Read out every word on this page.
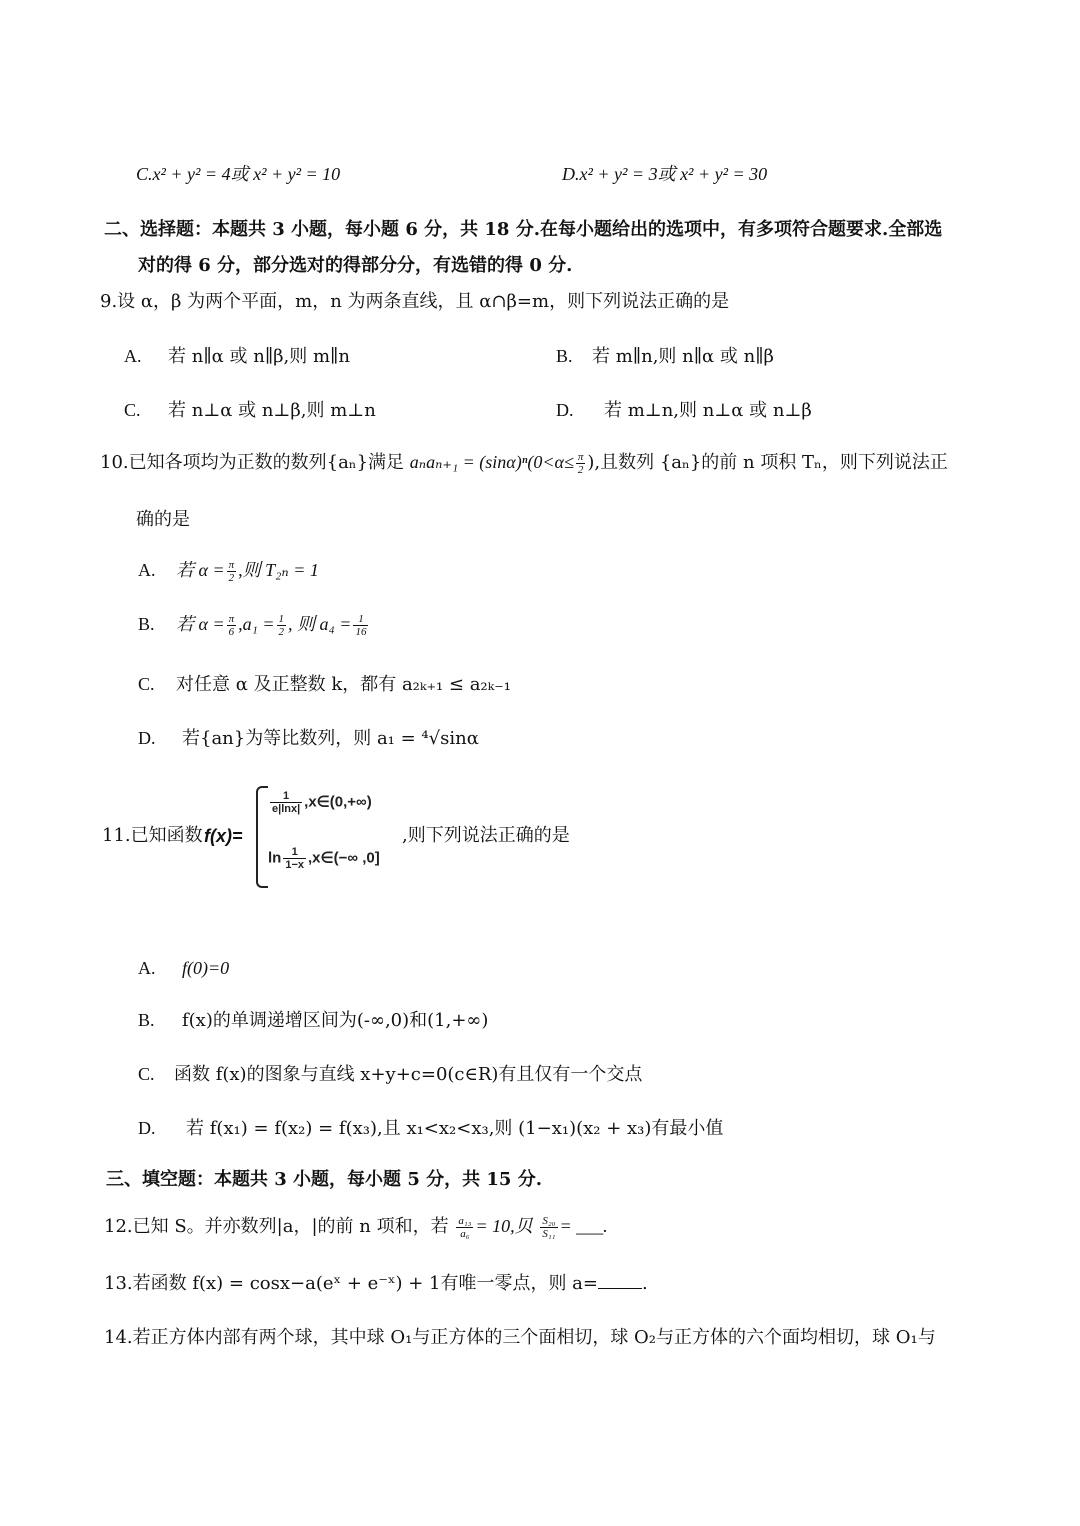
C.x² + y² = 4或 x² + y² = 10	D.x² + y² = 3或 x² + y² = 30
二、选择题：本题共 3 小题，每小题 6 分，共 18 分.在每小题给出的选项中，有多项符合题要求.全部选
对的得 6 分，部分选对的得部分分，有选错的得 0 分.
9.设 α，β 为两个平面，m，n 为两条直线，且 α∩β=m，则下列说法正确的是
A. 若 n∥α 或 n∥β,则 m∥n	B. 若 m∥n,则 n∥α 或 n∥β
C. 若 n⊥α 或 n⊥β,则 m⊥n	D. 若 m⊥n,则 n⊥α 或 n⊥β
10.已知各项均为正数的数列{aₙ}满足 $a_na_{n+1} = (\sin\alpha)^n(0<\alpha\le \frac{\pi}{2}$ ),且数列 {aₙ}的前 n 项积 Tₙ，则下列说法正
确的是
A. 若 $\alpha = \frac{\pi}{2}$ ,则 T₂ₙ = 1
B. 若 $\alpha = \frac{\pi}{6} ,a_1 = \frac{1}{2}$ , 则 $a_4 = \frac{1}{16}$
C. 对任意 α 及正整数 k，都有 a₂ₖ₊₁ ≤ a₂ₖ₋₁
D. 若{an}为等比数列，则 a₁ = ⁴√sinα
11.已知函数 f(x)=
$\frac{1}{e|\ln x|}$ ,x∈(0,+∞)
$\ln \frac{1}{1-x}$ ,x∈(−∞ ,0]
,则下列说法正确的是
A. f(0)=0
B. f(x)的单调递增区间为(-∞,0)和(1,+∞)
C. 函数 f(x)的图象与直线 x+y+c=0(c∈R)有且仅有一个交点
D. 若 f(x₁) = f(x₂) = f(x₃),且 x₁<x₂<x₃,则 (1−x₁)(x₂ + x₃)有最小值
三、填空题：本题共 3 小题，每小题 5 分，共 15 分.
12.已知 S。并亦数列|a，|的前 n 项和，若 $\frac{\text{a₁₃}}{\text{a₆}} = 10$,贝 $\frac{\text{S₂₀}}{\text{S₁₁}}$ = ___.
13.若函数 f(x) = cosx−a(eˣ + e⁻ˣ) + 1有唯一零点，则 a= .
14.若正方体内部有两个球，其中球 O₁与正方体的三个面相切，球 O₂与正方体的六个面均相切，球 O₁与
